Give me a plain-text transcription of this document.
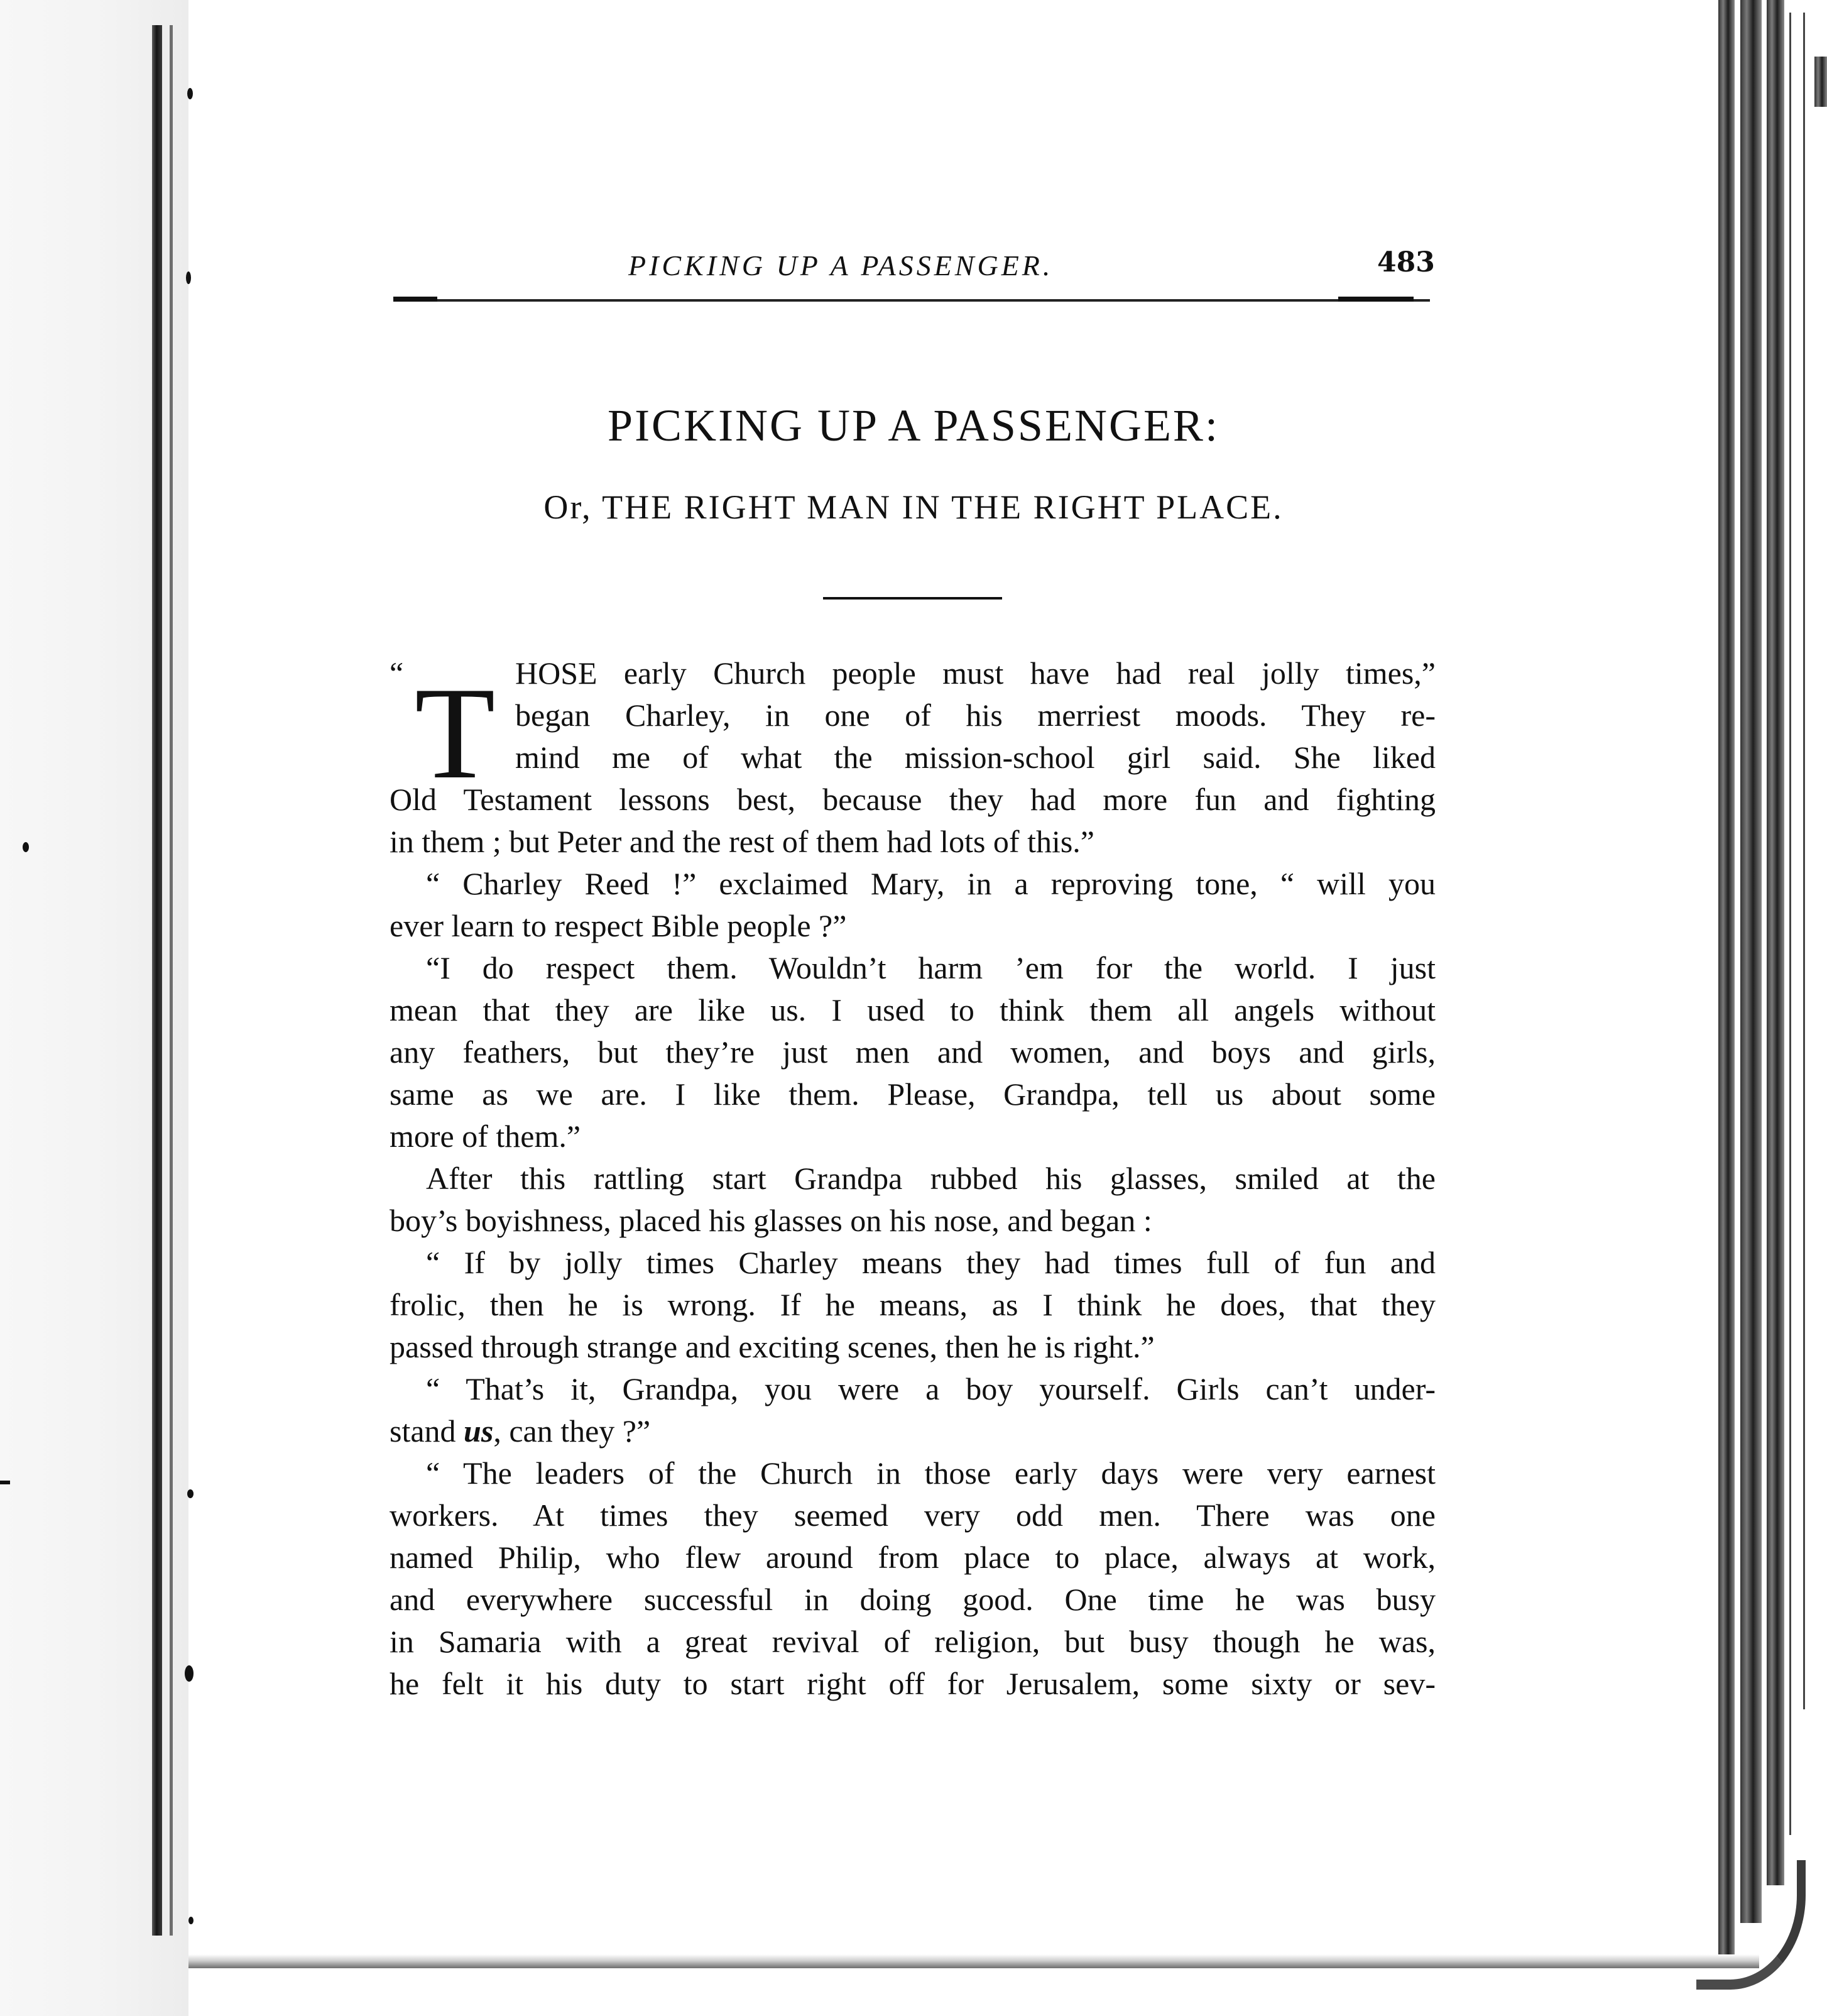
PICKING UP A PASSENGER.	483
PICKING UP A PASSENGER:
Or, THE RIGHT MAN IN THE RIGHT PLACE.
“ T HOSE early Church people must have had real jolly times,”
began Charley, in one of his merriest moods. They re-
mind me of what the mission-school girl said. She liked
Old Testament lessons best, because they had more fun and fighting
in them ; but Peter and the rest of them had lots of this.”
“ Charley Reed !” exclaimed Mary, in a reproving tone, “ will you
ever learn to respect Bible people ?”
“I do respect them. Wouldn’t harm ’em for the world. I just
mean that they are like us. I used to think them all angels without
any feathers, but they’re just men and women, and boys and girls,
same as we are. I like them. Please, Grandpa, tell us about some
more of them.”
After this rattling start Grandpa rubbed his glasses, smiled at the
boy’s boyishness, placed his glasses on his nose, and began :
“ If by jolly times Charley means they had times full of fun and
frolic, then he is wrong. If he means, as I think he does, that they
passed through strange and exciting scenes, then he is right.”
“ That’s it, Grandpa, you were a boy yourself. Girls can’t under-
stand us, can they ?”
“ The leaders of the Church in those early days were very earnest
workers. At times they seemed very odd men. There was one
named Philip, who flew around from place to place, always at work,
and everywhere successful in doing good. One time he was busy
in Samaria with a great revival of religion, but busy though he was,
he felt it his duty to start right off for Jerusalem, some sixty or sev-
